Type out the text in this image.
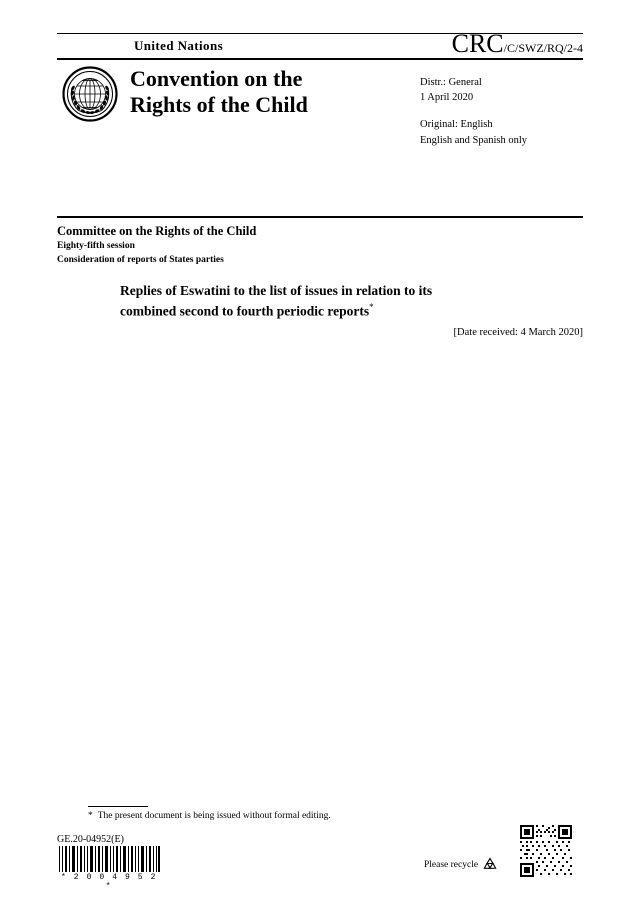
United Nations	CRC/C/SWZ/RQ/2-4
Convention on the
Rights of the Child
Distr.: General
1 April 2020
Original: English
English and Spanish only
Committee on the Rights of the Child
Eighty-fifth session
Consideration of reports of States parties
Replies of Eswatini to the list of issues in relation to its
combined second to fourth periodic reports*
[Date received: 4 March 2020]
* The present document is being issued without formal editing.
GE.20-04952(E)
* 2 0 0 4 9 5 2 *
Please recycle
